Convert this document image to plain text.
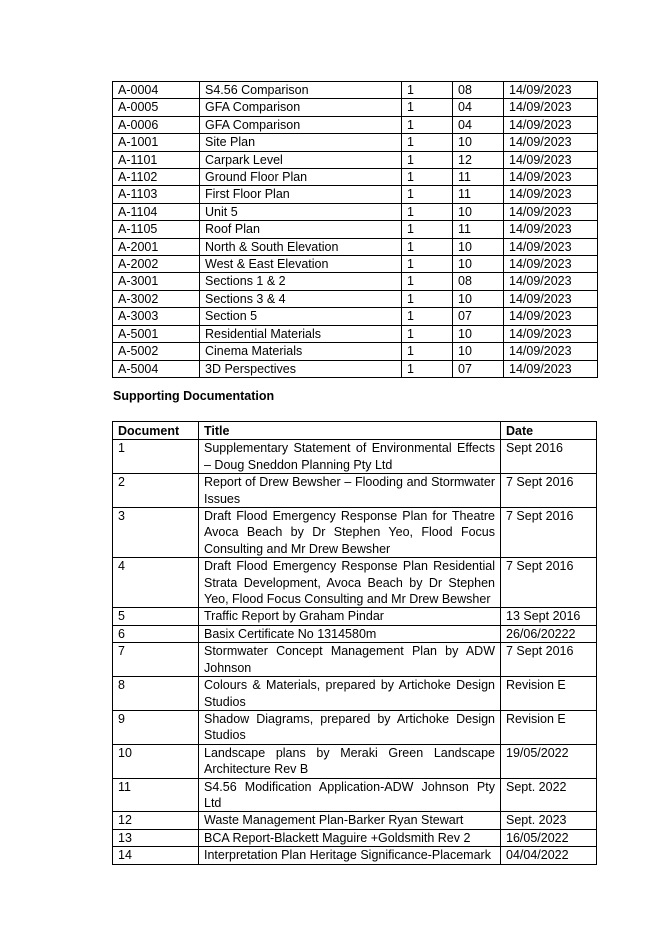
A-0004	S4.56 Comparison	1	08	14/09/2023
A-0005	GFA Comparison	1	04	14/09/2023
A-0006	GFA Comparison	1	04	14/09/2023
A-1001	Site Plan	1	10	14/09/2023
A-1101	Carpark Level	1	12	14/09/2023
A-1102	Ground Floor Plan	1	11	14/09/2023
A-1103	First Floor Plan	1	11	14/09/2023
A-1104	Unit 5	1	10	14/09/2023
A-1105	Roof Plan	1	11	14/09/2023
A-2001	North & South Elevation	1	10	14/09/2023
A-2002	West & East Elevation	1	10	14/09/2023
A-3001	Sections 1 & 2	1	08	14/09/2023
A-3002	Sections 3 & 4	1	10	14/09/2023
A-3003	Section 5	1	07	14/09/2023
A-5001	Residential Materials	1	10	14/09/2023
A-5002	Cinema Materials	1	10	14/09/2023
A-5004	3D Perspectives	1	07	14/09/2023
Supporting Documentation
Document	Title	Date
1	Supplementary Statement of Environmental Effects – Doug Sneddon Planning Pty Ltd	Sept 2016
2	Report of Drew Bewsher – Flooding and Stormwater Issues	7 Sept 2016
3	Draft Flood Emergency Response Plan for Theatre Avoca Beach by Dr Stephen Yeo, Flood Focus Consulting and Mr Drew Bewsher	7 Sept 2016
4	Draft Flood Emergency Response Plan Residential Strata Development, Avoca Beach by Dr Stephen Yeo, Flood Focus Consulting and Mr Drew Bewsher	7 Sept 2016
5	Traffic Report by Graham Pindar	13 Sept 2016
6	Basix Certificate No 1314580m	26/06/20222
7	Stormwater Concept Management Plan by ADW Johnson	7 Sept 2016
8	Colours & Materials, prepared by Artichoke Design Studios	Revision E
9	Shadow Diagrams, prepared by Artichoke Design Studios	Revision E
10	Landscape plans by Meraki Green Landscape Architecture Rev B	19/05/2022
11	S4.56 Modification Application-ADW Johnson Pty Ltd	Sept. 2022
12	Waste Management Plan-Barker Ryan Stewart	Sept. 2023
13	BCA Report-Blackett Maguire +Goldsmith Rev 2	16/05/2022
14	Interpretation Plan Heritage Significance-Placemark	04/04/2022
